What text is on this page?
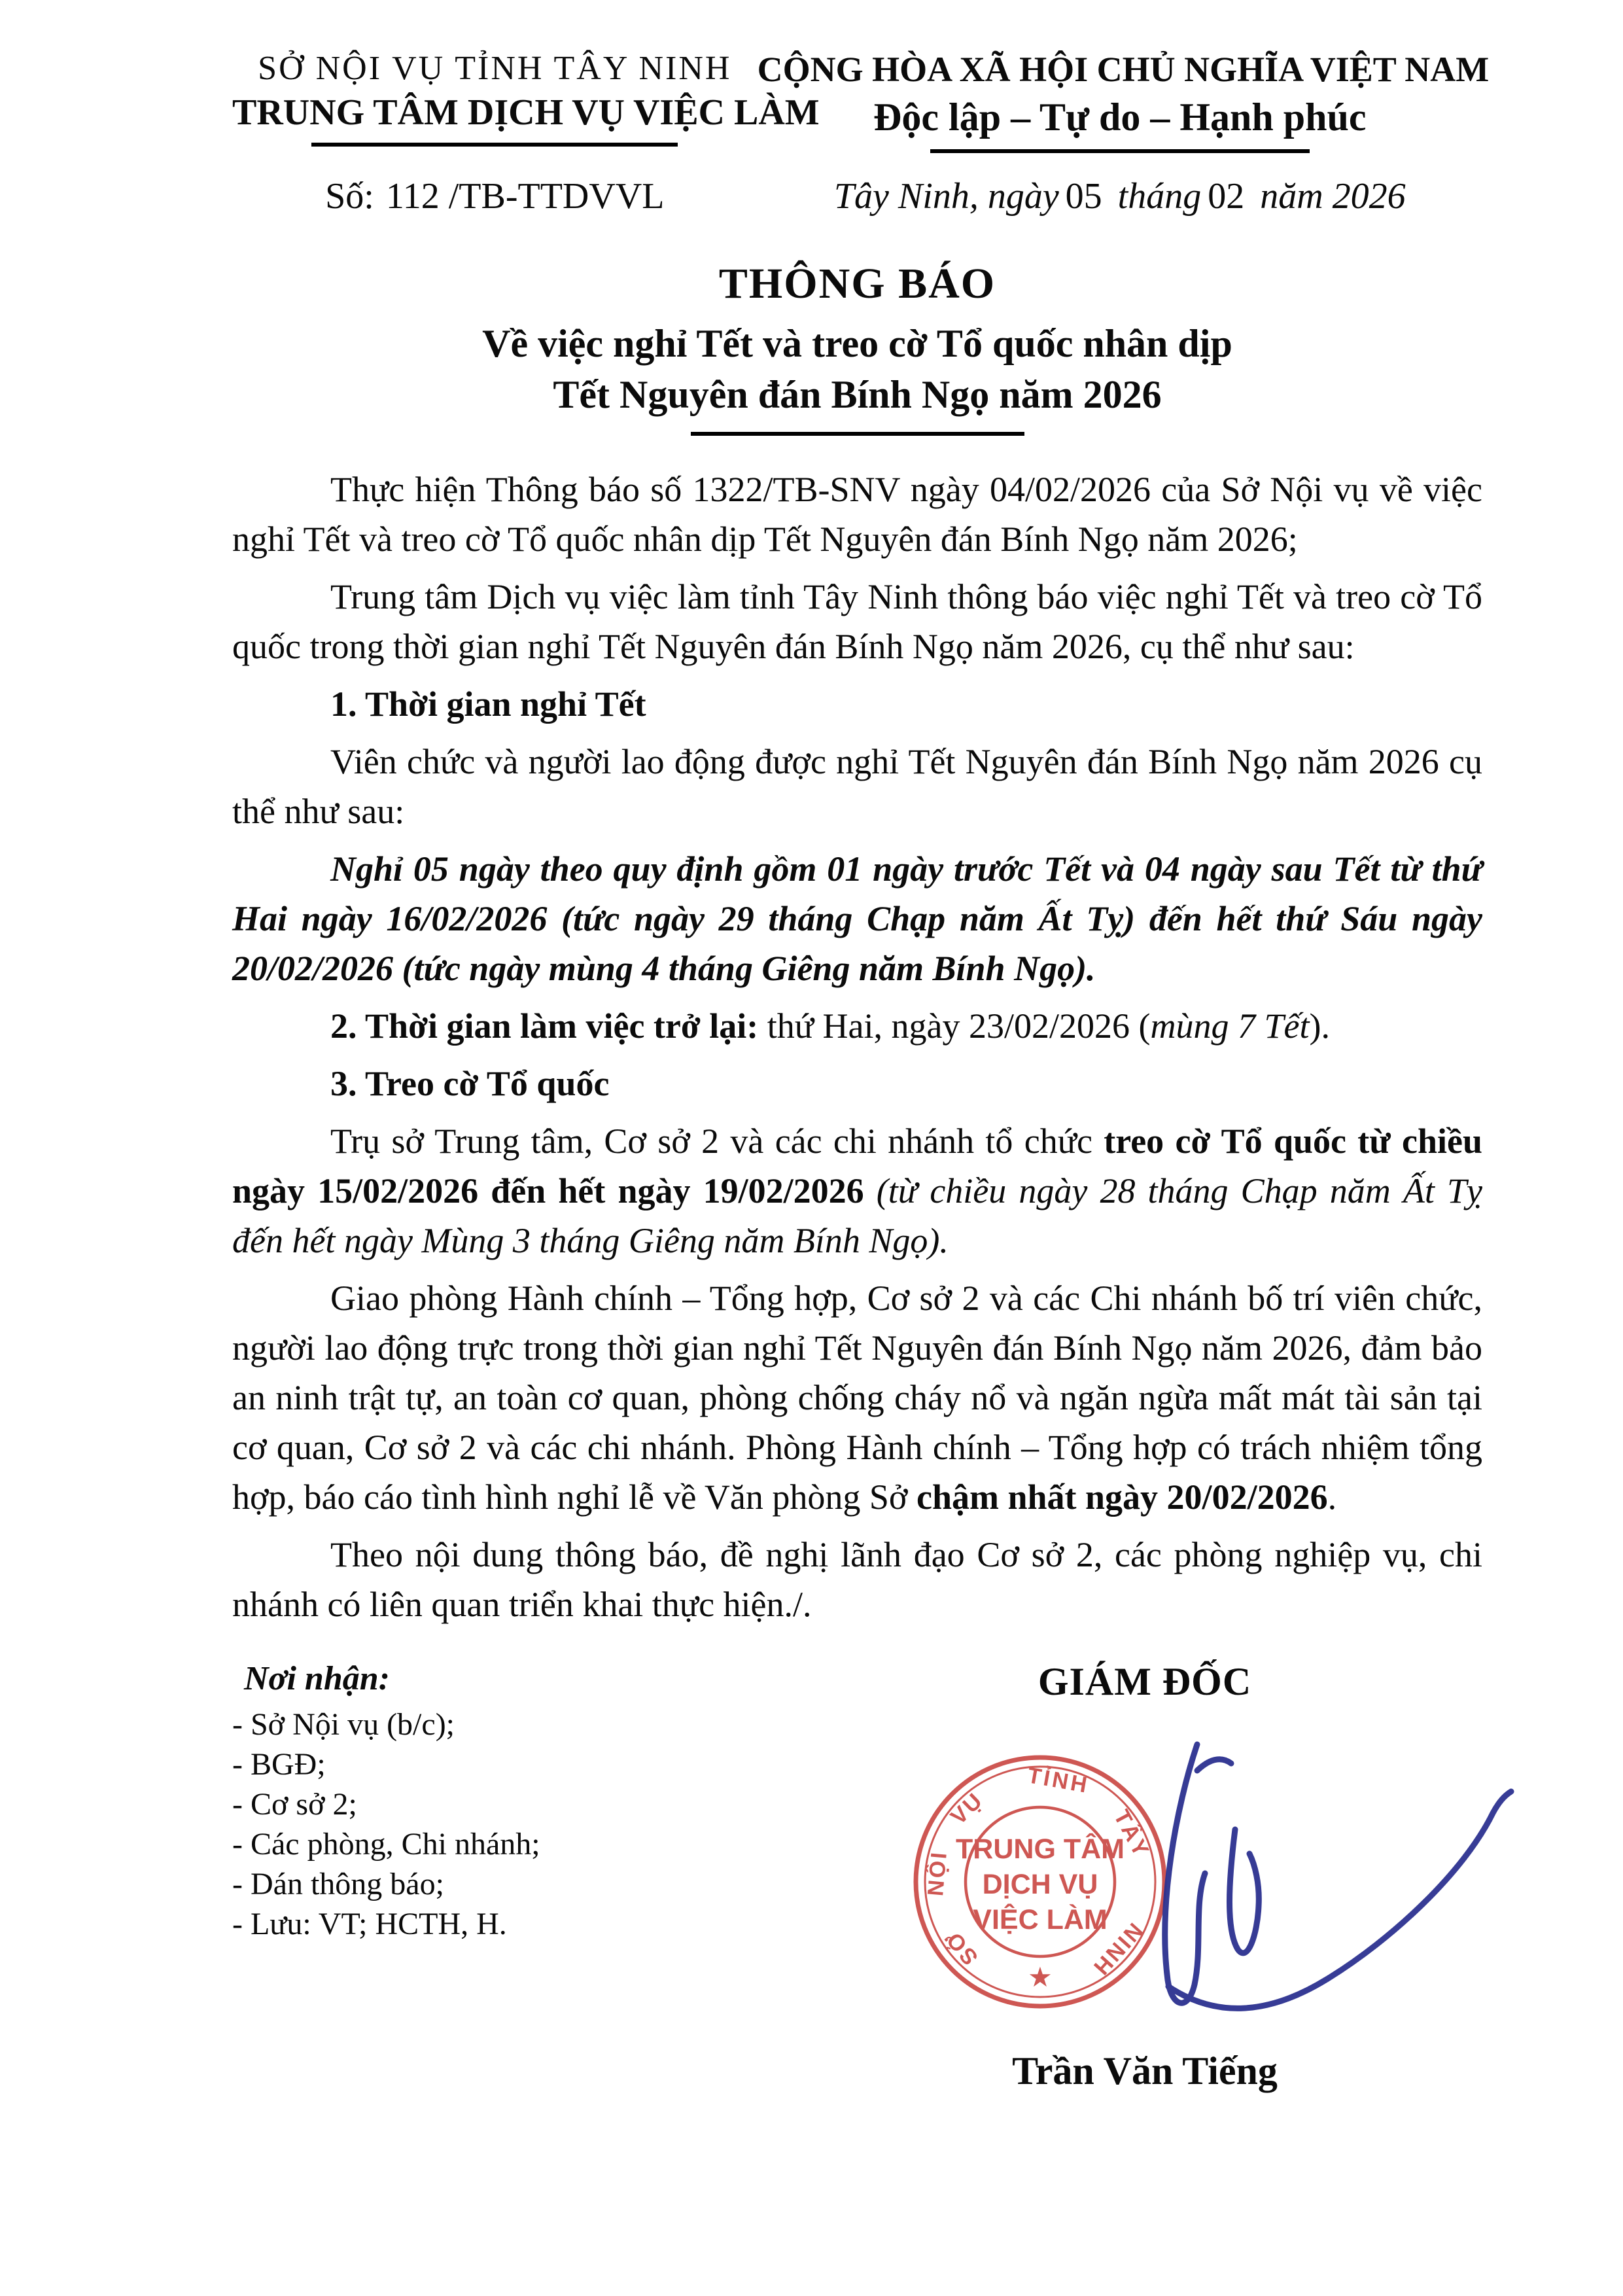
SỞ NỘI VỤ TỈNH TÂY NINH
TRUNG TÂM DỊCH VỤ VIỆC LÀM
CỘNG HÒA XÃ HỘI CHỦ NGHĨA VIỆT NAM
Độc lập – Tự do – Hạnh phúc
Số: 112 /TB-TTDVVL	Tây Ninh, ngày 05 tháng 02 năm 2026
THÔNG BÁO
Về việc nghỉ Tết và treo cờ Tổ quốc nhân dịp
Tết Nguyên đán Bính Ngọ năm 2026

Thực hiện Thông báo số 1322/TB-SNV ngày 04/02/2026 của Sở Nội vụ về việc nghỉ Tết và treo cờ Tổ quốc nhân dịp Tết Nguyên đán Bính Ngọ năm 2026;

Trung tâm Dịch vụ việc làm tỉnh Tây Ninh thông báo việc nghỉ Tết và treo cờ Tổ quốc trong thời gian nghỉ Tết Nguyên đán Bính Ngọ năm 2026, cụ thể như sau:

1. Thời gian nghỉ Tết

Viên chức và người lao động được nghỉ Tết Nguyên đán Bính Ngọ năm 2026 cụ thể như sau:

Nghỉ 05 ngày theo quy định gồm 01 ngày trước Tết và 04 ngày sau Tết từ thứ Hai ngày 16/02/2026 (tức ngày 29 tháng Chạp năm Ất Tỵ) đến hết thứ Sáu ngày 20/02/2026 (tức ngày mùng 4 tháng Giêng năm Bính Ngọ).

2. Thời gian làm việc trở lại: thứ Hai, ngày 23/02/2026 (mùng 7 Tết).

3. Treo cờ Tổ quốc

Trụ sở Trung tâm, Cơ sở 2 và các chi nhánh tổ chức treo cờ Tổ quốc từ chiều ngày 15/02/2026 đến hết ngày 19/02/2026 (từ chiều ngày 28 tháng Chạp năm Ất Tỵ đến hết ngày Mùng 3 tháng Giêng năm Bính Ngọ).

Giao phòng Hành chính – Tổng hợp, Cơ sở 2 và các Chi nhánh bố trí viên chức, người lao động trực trong thời gian nghỉ Tết Nguyên đán Bính Ngọ năm 2026, đảm bảo an ninh trật tự, an toàn cơ quan, phòng chống cháy nổ và ngăn ngừa mất mát tài sản tại cơ quan, Cơ sở 2 và các chi nhánh. Phòng Hành chính – Tổng hợp có trách nhiệm tổng hợp, báo cáo tình hình nghỉ lễ về Văn phòng Sở chậm nhất ngày 20/02/2026.

Theo nội dung thông báo, đề nghị lãnh đạo Cơ sở 2, các phòng nghiệp vụ, chi nhánh có liên quan triển khai thực hiện./.

Nơi nhận:
- Sở Nội vụ (b/c);
- BGĐ;
- Cơ sở 2;
- Các phòng, Chi nhánh;
- Dán thông báo;
- Lưu: VT; HCTH, H.
GIÁM ĐỐC
SỞ
NỘI
VỤ
TỈNH
TÂY
NINH
TRUNG TÂM
DỊCH VỤ
VIỆC LÀM
★
Trần Văn Tiếng
